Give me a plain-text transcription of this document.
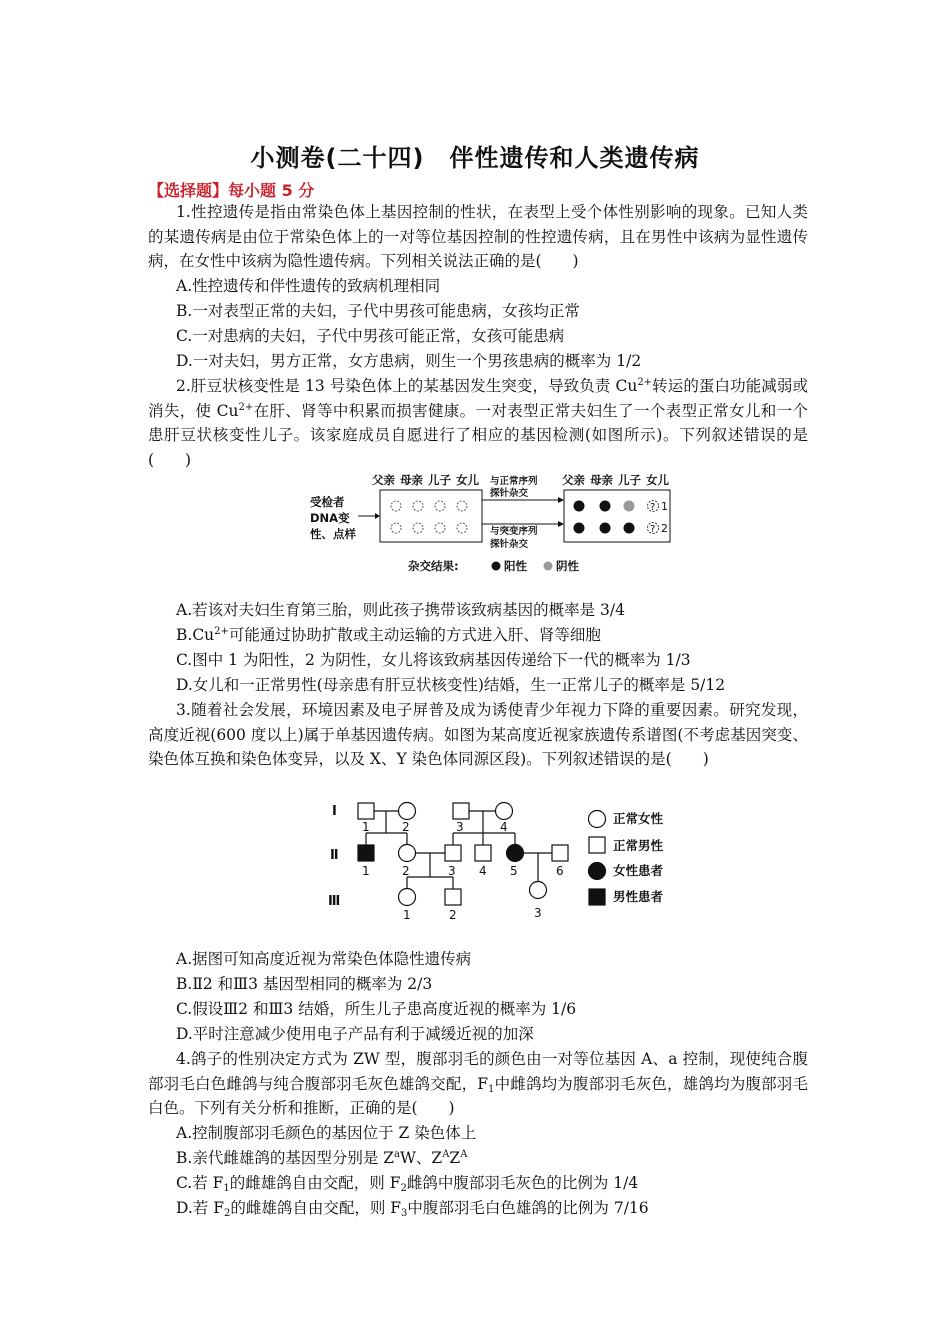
小测卷(二十四)　伴性遗传和人类遗传病
【选择题】每小题 5 分
1.性控遗传是指由常染色体上基因控制的性状，在表型上受个体性别影响的现象。已知人类的某遗传病是由位于常染色体上的一对等位基因控制的性控遗传病，且在男性中该病为显性遗传病，在女性中该病为隐性遗传病。下列相关说法正确的是(　　)
A.性控遗传和伴性遗传的致病机理相同
B.一对表型正常的夫妇，子代中男孩可能患病，女孩均正常
C.一对患病的夫妇，子代中男孩可能正常，女孩可能患病
D.一对夫妇，男方正常，女方患病，则生一个男孩患病的概率为 1/2
2.肝豆状核变性是 13 号染色体上的某基因发生突变，导致负责 $Cu^{2+}$转运的蛋白功能减弱或消失，使 $Cu^{2+}$在肝、肾等中积累而损害健康。一对表型正常夫妇生了一个表型正常女儿和一个患肝豆状核变性儿子。该家庭成员自愿进行了相应的基因检测(如图所示)。下列叙述错误的是(　　)
受检者
DNA变
性、点样
父亲 母亲 儿子 女儿	父亲 母亲 儿子 女儿
与正常序列
探针杂交
与突变序列
探针杂交
? 1
? 2
杂交结果:	阳性	阴性
A.若该对夫妇生育第三胎，则此孩子携带该致病基因的概率是 3/4
$B.Cu^{2+}$可能通过协助扩散或主动运输的方式进入肝、肾等细胞
C.图中 1 为阳性，2 为阴性，女儿将该致病基因传递给下一代的概率为 1/3
D.女儿和一正常男性(母亲患有肝豆状核变性)结婚，生一正常儿子的概率是 5/12
3.随着社会发展，环境因素及电子屏普及成为诱使青少年视力下降的重要因素。研究发现，高度近视(600 度以上)属于单基因遗传病。如图为某高度近视家族遗传系谱图(不考虑基因突变、染色体互换和染色体变异，以及 X、Y 染色体同源区段)。下列叙述错误的是(　　)
Ⅰ
Ⅱ
Ⅲ
1	2	3	4
1	2	3 4 5	6
1	2	3
正常女性
正常男性
女性患者
男性患者
A.据图可知高度近视为常染色体隐性遗传病
B.Ⅱ2 和Ⅲ3 基因型相同的概率为 2/3
C.假设Ⅲ2 和Ⅲ3 结婚，所生儿子患高度近视的概率为 1/6
D.平时注意减少使用电子产品有利于减缓近视的加深
4.鸽子的性别决定方式为 ZW 型，腹部羽毛的颜色由一对等位基因 A、a 控制，现使纯合腹部羽毛白色雌鸽与纯合腹部羽毛灰色雄鸽交配，$F_1$中雌鸽均为腹部羽毛灰色，雄鸽均为腹部羽毛白色。下列有关分析和推断，正确的是(　　)
A.控制腹部羽毛颜色的基因位于 Z 染色体上
B.亲代雌雄鸽的基因型分别是 $Z^aW$、$Z^AZ^A$
C.若 $F_1$的雌雄鸽自由交配，则 $F_2$雌鸽中腹部羽毛灰色的比例为 1/4
D.若 $F_2$的雌雄鸽自由交配，则 $F_3$中腹部羽毛白色雄鸽的比例为 7/16
